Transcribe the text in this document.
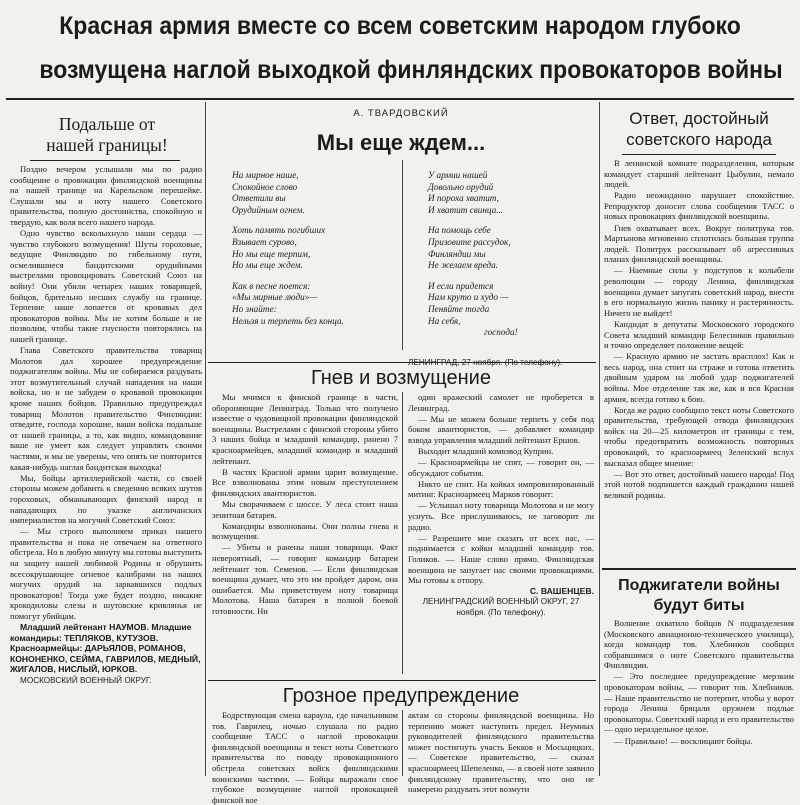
Красная армия вместе со всем советским народом глубоко
возмущена наглой выходкой финляндских провокаторов войны
Подальше от
нашей границы!

Поздно вечером услышали мы по радио сообщение о провокации финляндской военщины на нашей границе на Карельском перешейке. Слушали мы и ноту нашего Советского правительства, полную достоинства, спокойную и твердую, как воля всего нашего народа.

Одно чувство всколыхнуло наши сердца — чувство глубокого возмущения! Шуты гороховые, ведущие Финляндию по гибельному пути, осмелившиеся бандитскими орудийными выстрелами провоцировать Советский Союз на войну! Они убили четырех наших товарищей, бойцов, бдительно несших службу на границе. Терпение наше лопается от кровавых дел провокаторов войны. Мы не хотим больше и не позволим, чтобы такие гнусности повторялись на нашей границе.

Глава Советского правительства товарищ Молотов дал хорошее предупреждение поджигателям войны. Мы не собираемся раздувать этот возмутительный случай нападения на наши войска, но и не забудем о кровавой провокации кроме наших бойцов. Правильно предупреждал товарищ Молотов правительство Финляндии: отведите, господа хорошие, ваши войска подальше от нашей границы, а то, как видно, командование ваше не умеет как следует управлять своими частями, и мы не уверены, что опять не повторится какая-нибудь наглая бандитская выходка!

Мы, бойцы артиллерийской части, со своей стороны можем добавить к сведению всяких шутов гороховых, обманывающих финский народ и нападающих по указке англичанских империалистов на могучий Советский Союз:

— Мы строго выполняем приказ нашего правительства и пока не отвечаем на ответного обстрела. Но в любую минуту мы готовы выступить на защиту нашей любимой Родины и обрушить всесокрушающее огневое калибрами на наших могучих орудий на зарвавшихся подлых провокаторов! Тогда уже будет поздно, никакие крокодиловы слезы и шутовские кривлянья не помогут убийцам.

Младший лейтенант НАУМОВ. Младшие командиры: ТЕПЛЯКОВ, КУТУЗОВ. Красноармейцы: ДАРЬЯЛОВ, РОМАНОВ, КОНОНЕНКО, СЕЙМА, ГАВРИЛОВ, МЕДНЫЙ, ЖИГАЛОВ, НИСЛЫЙ, ЮРКОВ.

МОСКОВСКИЙ ВОЕННЫЙ ОКРУГ.

А. ТВАРДОВСКИЙ
Мы еще ждем...
На мирное наше,
Спокойное слово
Ответили вы
Орудийным огнем.
Хоть память погибших
Взывает сурово,
Но мы еще терпим,
Но мы еще ждем.
Как в песне поется:
«Мы мирные люди»—
Но знайте:
Нельзя и терпеть без конца.
У армии нашей
Довольно орудий
И пороха хватит,
И хватит свинца...
На помощь себе
Призовите рассудок,
Финляндии мы
Не желаем вреда.
И если придется
Нам круто и худо —
Пеняйте тогда
На себя,
господа!
Гнев и возмущение

Мы мчимся к финской границе в части, обороняющие Ленинград. Только что получено известие о чудовищной провокации финляндской военщины. Выстрелами с финской стороны убито 3 наших бойца и младший командир, ранено 7 красноармейцев, младший командир и младший лейтенант.

В частях Красной армии царит возмущение. Все взволнованы этим новым преступлением финляндских авантюристов.

Мы сворачиваем с шоссе. У леса стоит наша зенитная батарея.

Командиры взволнованы. Они полны гнева и возмущения.

— Убиты и ранены наши товарищи. Факт невероятный, — говорит командир батареи лейтенант тов. Семенов. — Если финляндская военщина думает, что это им пройдет даром, она ошибается. Мы приветствуем ноту товарища Молотова. Наша батарея в полной боевой готовности. Ни

один вражеский самолет не проберется в Ленинград.

— Мы не можем больше терпеть у себя под боком авантюристов, — добавляет командир взвода управления младший лейтенант Ершов.

Выходит младший комвзвод Куприн.

— Красноармейцы не спят, — говорит он, — обсуждают события.

Никто не спит. На койках импровизированный митинг. Красноармеец Марков говорит:

— Услышал ноту товарища Молотова и не могу уснуть. Все прислушиваюсь, не заговорит ли радио.

— Разрешите мне сказать от всех нас, — поднимается с койки младший командир тов. Голиков. — Наше слово прямо. Финляндская военщина не запугает нас своими провокациями. Мы готовы к отпору.

С. ВАШЕНЦЕВ.

ЛЕНИНГРАДСКИЙ ВОЕННЫЙ ОКРУГ, 27 ноября. (По телефону).

Грозное предупреждение

Бодрствующая смена караула, где начальником тов. Гаврилец, ночью слушала по радио сообщение ТАСС о наглой провокации финляндской военщины и текст ноты Советского правительства по поводу провокационного обстрела советских войск финляндскими воинскими частями. — Бойцы выражали свое глубокое возмущение наглой провокацией финской вое

актам со стороны финляндской военщины. Но терпению может наступить предел. Неумных руководителей финляндского правительства может постигнуть участь Бекков и Мосьцицких. — Советское правительство, — сказал красноармеец Шепеленко, — в своей ноте заявило финляндскому правительству, что оно не намерено раздувать этот возмути

Ответ, достойный
советского народа

В ленинской комнате подразделения, которым командует старший лейтенант Цыбулин, немало людей.

Радио неожиданно нарушает спокойствие. Репродуктор доносит слова сообщения ТАСС о новых провокациях финляндской военщины.

Гнев охватывает всех. Вокруг политрука тов. Мартынова мгновенно сплотилась большая группа людей. Политрук рассказывает об агрессивных планах финляндской военщины.

— Наемные силы у подступов к колыбели революции — городу Ленина, финляндская военщина думает запугать советский народ, внести в его нормальную жизнь панику и растерянность. Ничего не выйдет!

Кандидат в депутаты Московского городского Совета младший командир Белесников правильно и точно определяет положение вещей:

— Красную армию не застать врасплох! Как и весь народ, она стоит на страже и готова ответить двойным ударом на любой удар поджигателей войны. Мое отделение так же, как и вся Красная армия, всегда готово к бою.

Когда же радио сообщило текст ноты Советского правительства, требующей отвода финляндских войск на 20—25 километров от границы с тем, чтобы предотвратить возможность повторных провокаций, то красноармеец Зеленский вслух высказал общее мнение:

— Вот это ответ, достойный нашего народа! Под этой нотой подпишется каждый гражданин нашей великой родины.

Поджигатели войны
будут биты

Волнение охватило бойцов N подразделения (Московского авиационно-технического училища), когда командир тов. Хлебников сообщил собравшимся о ноте Советского правительства Финляндии.

— Это последнее предупреждение мерзким провокаторам войны, — говорит тов. Хлебников. — Наше правительство не потерпит, чтобы у ворот города Ленина бряцали оружием подлые провокаторы. Советский народ и его правительство — одно нераздельное целое.

— Правильно! — восклицают бойцы.
